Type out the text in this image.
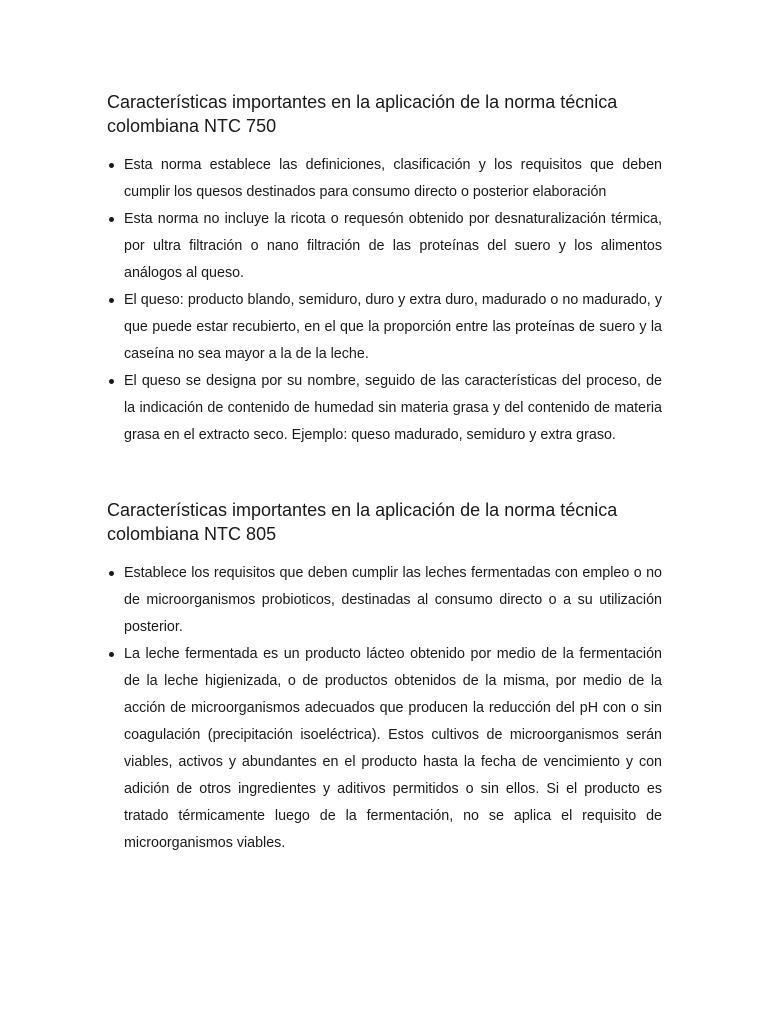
Características importantes en la aplicación de la norma técnica
colombiana NTC 750
Esta norma establece las definiciones, clasificación y los requisitos que deben cumplir los quesos destinados para consumo directo o posterior elaboración
Esta norma no incluye la ricota o requesón obtenido por desnaturalización térmica, por ultra filtración o nano filtración de las proteínas del suero y los alimentos análogos al queso.
El queso: producto blando, semiduro, duro y extra duro, madurado o no madurado, y que puede estar recubierto, en el que la proporción entre las proteínas de suero y la caseína no sea mayor a la de la leche.
El queso se designa por su nombre, seguido de las características del proceso, de la indicación de contenido de humedad sin materia grasa y del contenido de materia grasa en el extracto seco. Ejemplo: queso madurado, semiduro y extra graso.
Características importantes en la aplicación de la norma técnica
colombiana NTC 805
Establece los requisitos que deben cumplir las leches fermentadas con empleo o no de microorganismos probioticos, destinadas al consumo directo o a su utilización posterior.
La leche fermentada es un producto lácteo obtenido por medio de la fermentación de la leche higienizada, o de productos obtenidos de la misma, por medio de la acción de microorganismos adecuados que producen la reducción del pH con o sin coagulación (precipitación isoeléctrica). Estos cultivos de microorganismos serán viables, activos y abundantes en el producto hasta la fecha de vencimiento y con adición de otros ingredientes y aditivos permitidos o sin ellos. Si el producto es tratado térmicamente luego de la fermentación, no se aplica el requisito de microorganismos viables.
